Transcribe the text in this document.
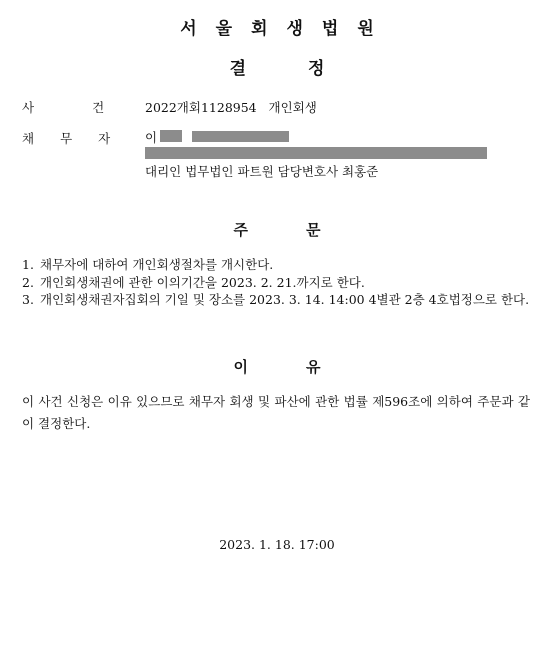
서울회생법원
결정
사건
2022개회1128954   개인회생
채무자 이
대리인 법무법인 파트원 담당변호사 최홍준
주문
1. 채무자에 대하여 개인회생절차를 개시한다.
2. 개인회생채권에 관한 이의기간을 2023. 2. 21.까지로 한다.
3. 개인회생채권자집회의 기일 및 장소를 2023. 3. 14. 14:00 4별관 2층 4호법정으로 한다.
이유
이 사건 신청은 이유 있으므로 채무자 회생 및 파산에 관한 법률 제596조에 의하여 주문과 같이 결정한다.
2023. 1. 18. 17:00
